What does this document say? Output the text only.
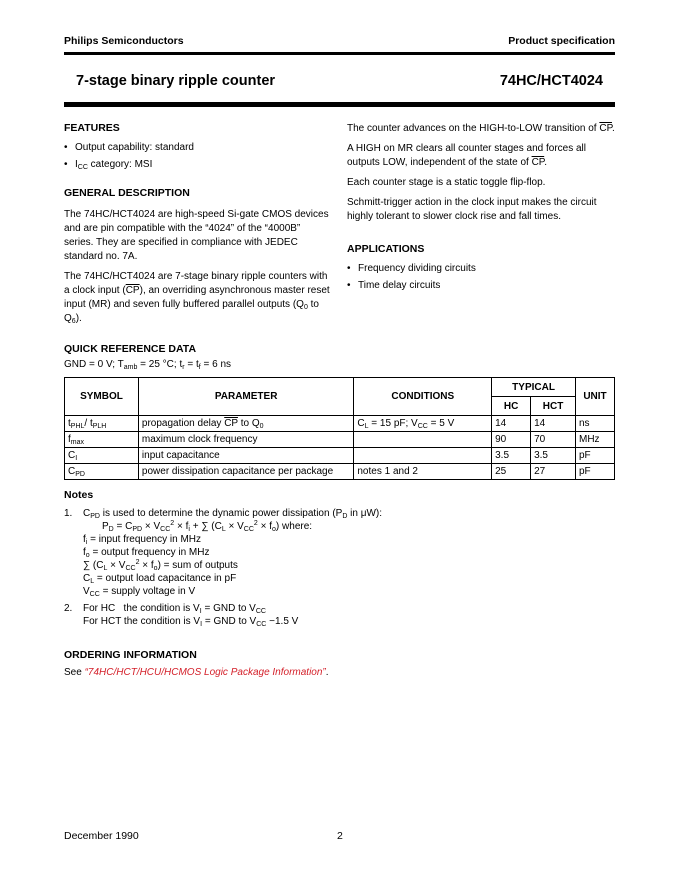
Philips Semiconductors	Product specification
7-stage binary ripple counter	74HC/HCT4024
FEATURES
• Output capability: standard
• $I_{CC}$ category: MSI
GENERAL DESCRIPTION
The 74HC/HCT4024 are high-speed Si-gate CMOS devices and are pin compatible with the “4024” of the “4000B” series. They are specified in compliance with JEDEC standard no. 7A.
The 74HC/HCT4024 are 7-stage binary ripple counters with a clock input $(\overline{CP})$, an overriding asynchronous master reset input (MR) and seven fully buffered parallel outputs ($Q_0$ to $Q_6$).
The counter advances on the HIGH-to-LOW transition of $\overline{CP}$.
A HIGH on MR clears all counter stages and forces all outputs LOW, independent of the state of $\overline{CP}$.
Each counter stage is a static toggle flip-flop.
Schmitt-trigger action in the clock input makes the circuit highly tolerant to slower clock rise and fall times.
APPLICATIONS
• Frequency dividing circuits
• Time delay circuits
QUICK REFERENCE DATA
GND = 0 V; $T_{amb} = 25$ °C; $t_r = t_f = 6$ ns
SYMBOL	PARAMETER	CONDITIONS	TYPICAL		UNIT
			HC	HCT	
$t_{PHL}/$ $t_{PLH}$	propagation delay $\overline{CP}$ to $Q_0$	$C_L = 15$ pF; $V_{CC} = 5$ V	14	14	ns
$f_{max}$	maximum clock frequency		90	70	MHz
$C_I$	input capacitance		3.5	3.5	pF
$C_{PD}$	power dissipation capacitance per package	notes 1 and 2	25	27	pF
Notes
1. $C_{PD}$ is used to determine the dynamic power dissipation ($P_D$ in μW):
$P_D = C_{PD} \times V_{CC}^2 \times f_i$ + ∑ $(C_L \times V_{CC}^2 \times f_o)$ where:
$f_i$ = input frequency in MHz
$f_o$ = output frequency in MHz
∑ $(C_L \times V_{CC}^2 \times f_o)$ = sum of outputs
$C_L$ = output load capacitance in pF
$V_{CC}$ = supply voltage in V
2. For HC   the condition is $V_I$ = GND to $V_{CC}$
For HCT the condition is $V_I$ = GND to $V_{CC} -1.5$ V
ORDERING INFORMATION
See “74HC/HCT/HCU/HCMOS Logic Package Information”.
December 1990	2
